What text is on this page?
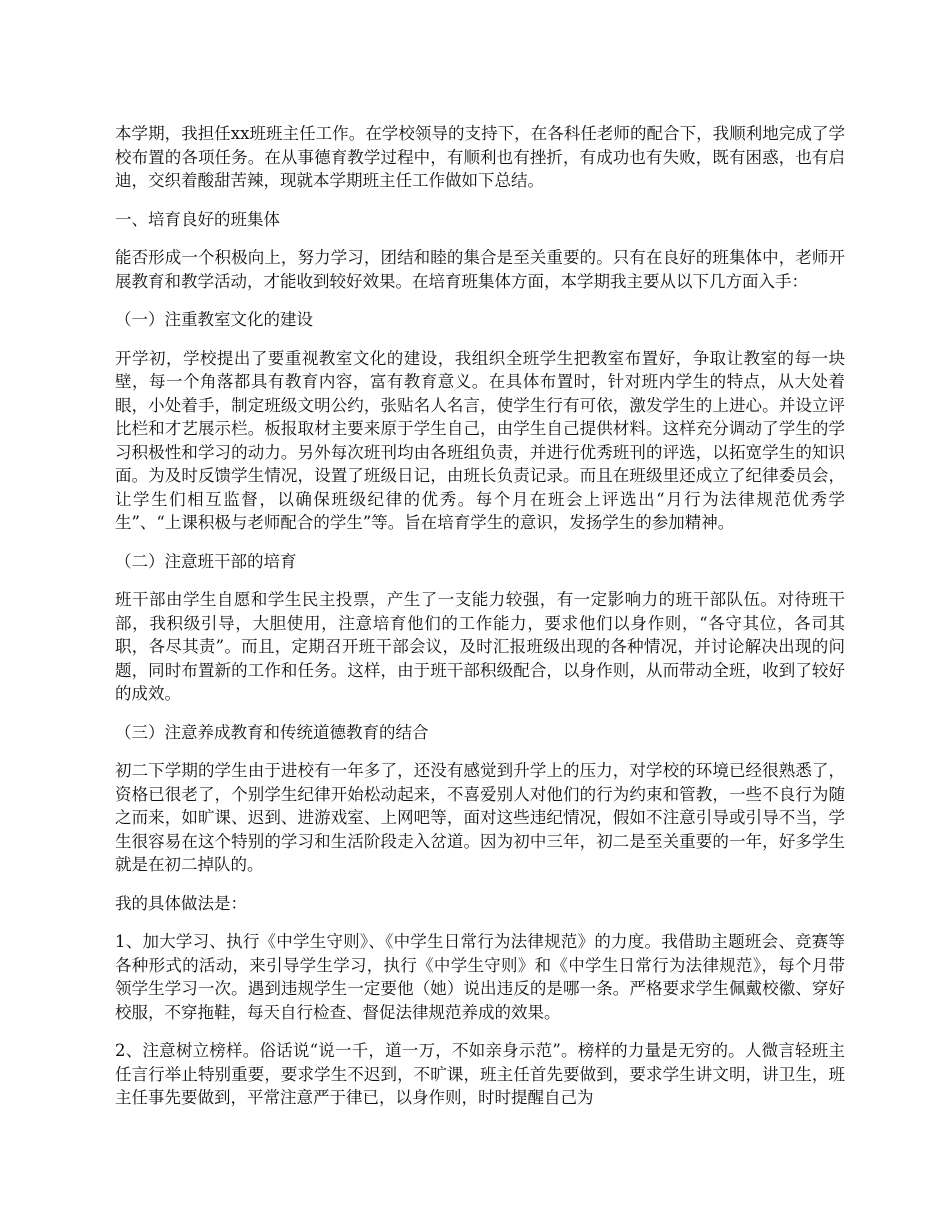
本学期，我担任xx班班主任工作。在学校领导的支持下，在各科任老师的配合下，我顺利地完成了学校布置的各项任务。在从事德育教学过程中，有顺利也有挫折，有成功也有失败，既有困惑，也有启迪，交织着酸甜苦辣，现就本学期班主任工作做如下总结。

一、培育良好的班集体

能否形成一个积极向上，努力学习，团结和睦的集合是至关重要的。只有在良好的班集体中，老师开展教育和教学活动，才能收到较好效果。在培育班集体方面，本学期我主要从以下几方面入手：

（一）注重教室文化的建设

开学初，学校提出了要重视教室文化的建设，我组织全班学生把教室布置好，争取让教室的每一块壁，每一个角落都具有教育内容，富有教育意义。在具体布置时，针对班内学生的特点，从大处着眼，小处着手，制定班级文明公约，张贴名人名言，使学生行有可依，激发学生的上进心。并设立评比栏和才艺展示栏。板报取材主要来原于学生自己，由学生自己提供材料。这样充分调动了学生的学习积极性和学习的动力。另外每次班刊均由各班组负责，并进行优秀班刊的评选，以拓宽学生的知识面。为及时反馈学生情况，设置了班级日记，由班长负责记录。而且在班级里还成立了纪律委员会，让学生们相互监督，以确保班级纪律的优秀。每个月在班会上评选出“月行为法律规范优秀学生”、“上课积极与老师配合的学生”等。旨在培育学生的意识，发扬学生的参加精神。

（二）注意班干部的培育

班干部由学生自愿和学生民主投票，产生了一支能力较强，有一定影响力的班干部队伍。对待班干部，我积级引导，大胆使用，注意培育他们的工作能力，要求他们以身作则，“各守其位，各司其职，各尽其责”。而且，定期召开班干部会议，及时汇报班级出现的各种情况，并讨论解决出现的问题，同时布置新的工作和任务。这样，由于班干部积级配合，以身作则，从而带动全班，收到了较好的成效。

（三）注意养成教育和传统道德教育的结合

初二下学期的学生由于进校有一年多了，还没有感觉到升学上的压力，对学校的环境已经很熟悉了，资格已很老了，个别学生纪律开始松动起来，不喜爱别人对他们的行为约束和管教，一些不良行为随之而来，如旷课、迟到、进游戏室、上网吧等，面对这些违纪情况，假如不注意引导或引导不当，学生很容易在这个特别的学习和生活阶段走入岔道。因为初中三年，初二是至关重要的一年，好多学生就是在初二掉队的。

我的具体做法是：

1、加大学习、执行《中学生守则》、《中学生日常行为法律规范》的力度。我借助主题班会、竞赛等各种形式的活动，来引导学生学习，执行《中学生守则》和《中学生日常行为法律规范》，每个月带领学生学习一次。遇到违规学生一定要他（她）说出违反的是哪一条。严格要求学生佩戴校徽、穿好校服，不穿拖鞋，每天自行检查、督促法律规范养成的效果。

2、注意树立榜样。俗话说“说一千，道一万，不如亲身示范”。榜样的力量是无穷的。人微言轻班主任言行举止特别重要，要求学生不迟到，不旷课，班主任首先要做到，要求学生讲文明，讲卫生，班主任事先要做到，平常注意严于律已，以身作则，时时提醒自己为
